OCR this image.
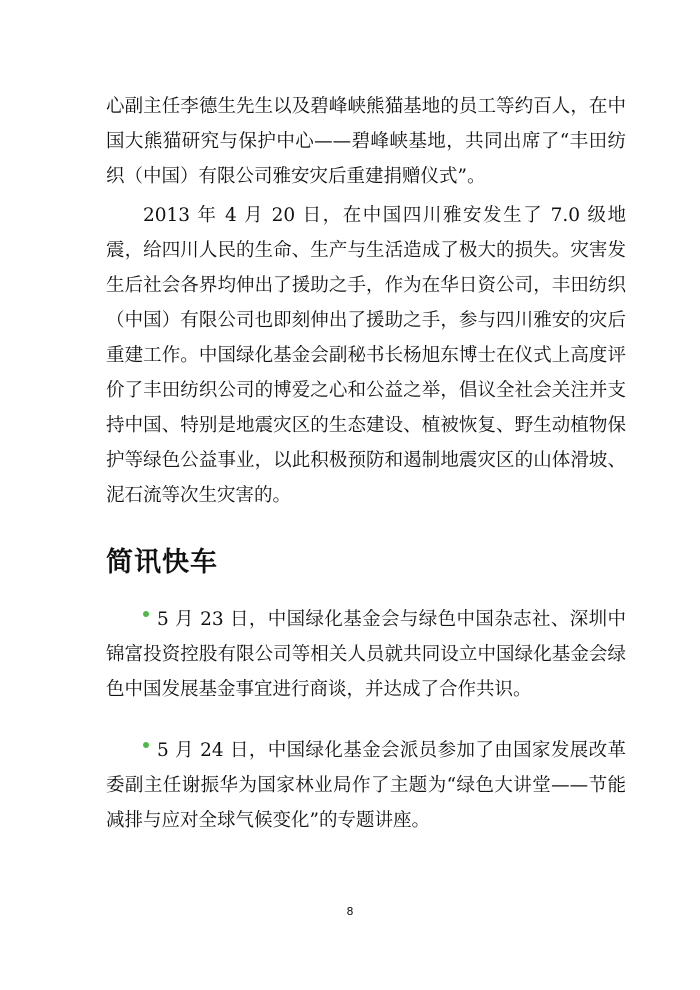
心副主任李德生先生以及碧峰峡熊猫基地的员工等约百人，在中国大熊猫研究与保护中心——碧峰峡基地，共同出席了“丰田纺织（中国）有限公司雅安灾后重建捐赠仪式”。

2013 年 4 月 20 日，在中国四川雅安发生了 7.0 级地震，给四川人民的生命、生产与生活造成了极大的损失。灾害发生后社会各界均伸出了援助之手，作为在华日资公司，丰田纺织（中国）有限公司也即刻伸出了援助之手，参与四川雅安的灾后重建工作。中国绿化基金会副秘书长杨旭东博士在仪式上高度评价了丰田纺织公司的博爱之心和公益之举，倡议全社会关注并支持中国、特别是地震灾区的生态建设、植被恢复、野生动植物保护等绿色公益事业，以此积极预防和遏制地震灾区的山体滑坡、泥石流等次生灾害的。

简讯快车

5 月 23 日，中国绿化基金会与绿色中国杂志社、深圳中锦富投资控股有限公司等相关人员就共同设立中国绿化基金会绿色中国发展基金事宜进行商谈，并达成了合作共识。

5 月 24 日，中国绿化基金会派员参加了由国家发展改革委副主任谢振华为国家林业局作了主题为“绿色大讲堂——节能减排与应对全球气候变化”的专题讲座。

8
